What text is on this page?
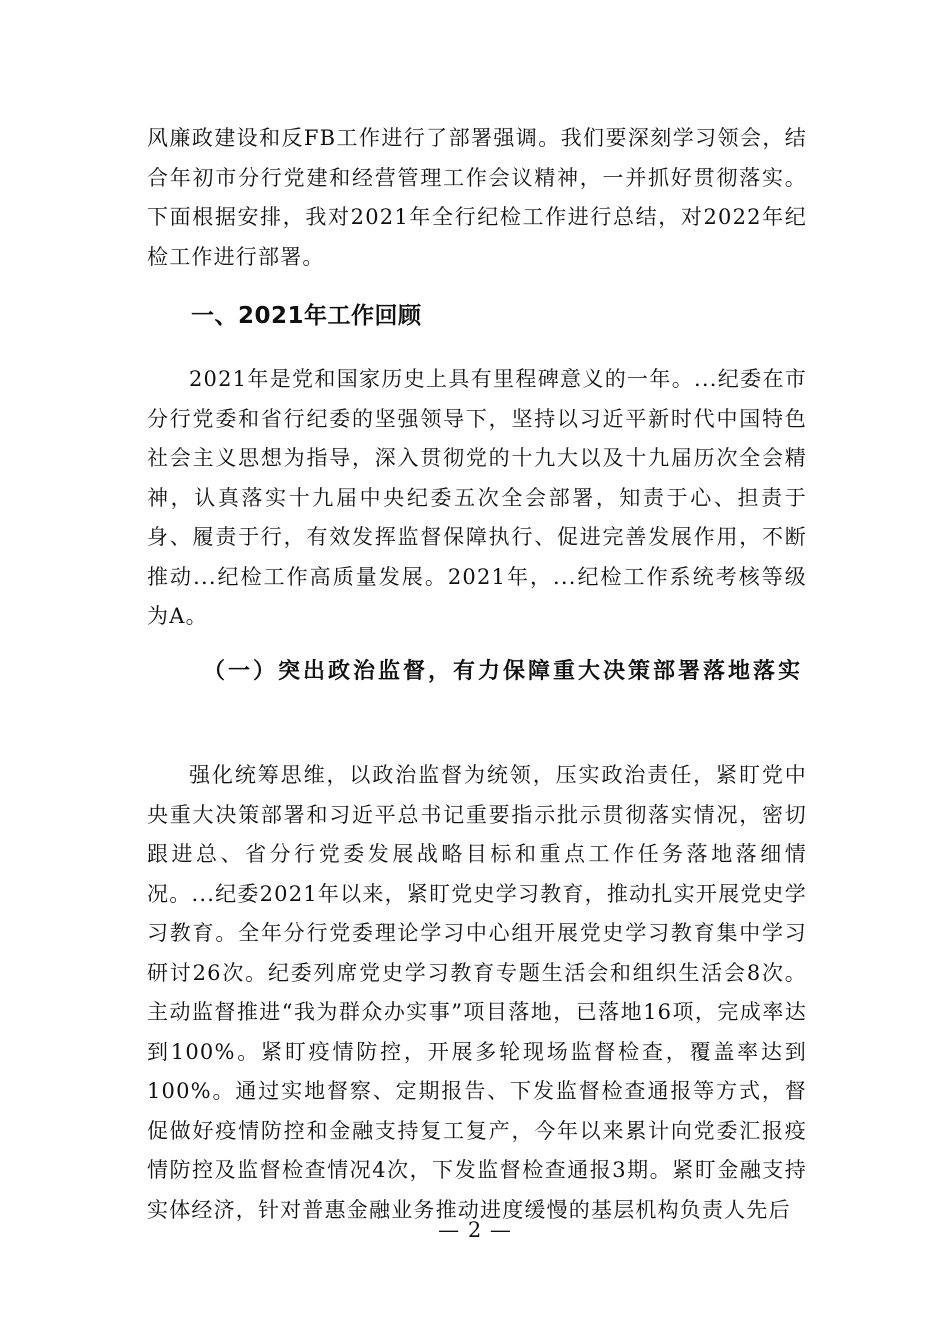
风廉政建设和反FB工作进行了部署强调。我们要深刻学习领会，结合年初市分行党建和经营管理工作会议精神，一并抓好贯彻落实。下面根据安排，我对2021年全行纪检工作进行总结，对2022年纪检工作进行部署。

一、2021年工作回顾

2021年是党和国家历史上具有里程碑意义的一年。...纪委在市分行党委和省行纪委的坚强领导下，坚持以习近平新时代中国特色社会主义思想为指导，深入贯彻党的十九大以及十九届历次全会精神，认真落实十九届中央纪委五次全会部署，知责于心、担责于身、履责于行，有效发挥监督保障执行、促进完善发展作用，不断推动...纪检工作高质量发展。2021年，...纪检工作系统考核等级为A。

（一）突出政治监督，有力保障重大决策部署落地落实

强化统筹思维，以政治监督为统领，压实政治责任，紧盯党中央重大决策部署和习近平总书记重要指示批示贯彻落实情况，密切跟进总、省分行党委发展战略目标和重点工作任务落地落细情况。...纪委2021年以来，紧盯党史学习教育，推动扎实开展党史学习教育。全年分行党委理论学习中心组开展党史学习教育集中学习研讨26次。纪委列席党史学习教育专题生活会和组织生活会8次。主动监督推进“我为群众办实事”项目落地，已落地16项，完成率达到100%。紧盯疫情防控，开展多轮现场监督检查，覆盖率达到100%。通过实地督察、定期报告、下发监督检查通报等方式，督促做好疫情防控和金融支持复工复产，今年以来累计向党委汇报疫情防控及监督检查情况4次，下发监督检查通报3期。紧盯金融支持实体经济，针对普惠金融业务推动进度缓慢的基层机构负责人先后

— 2 —
